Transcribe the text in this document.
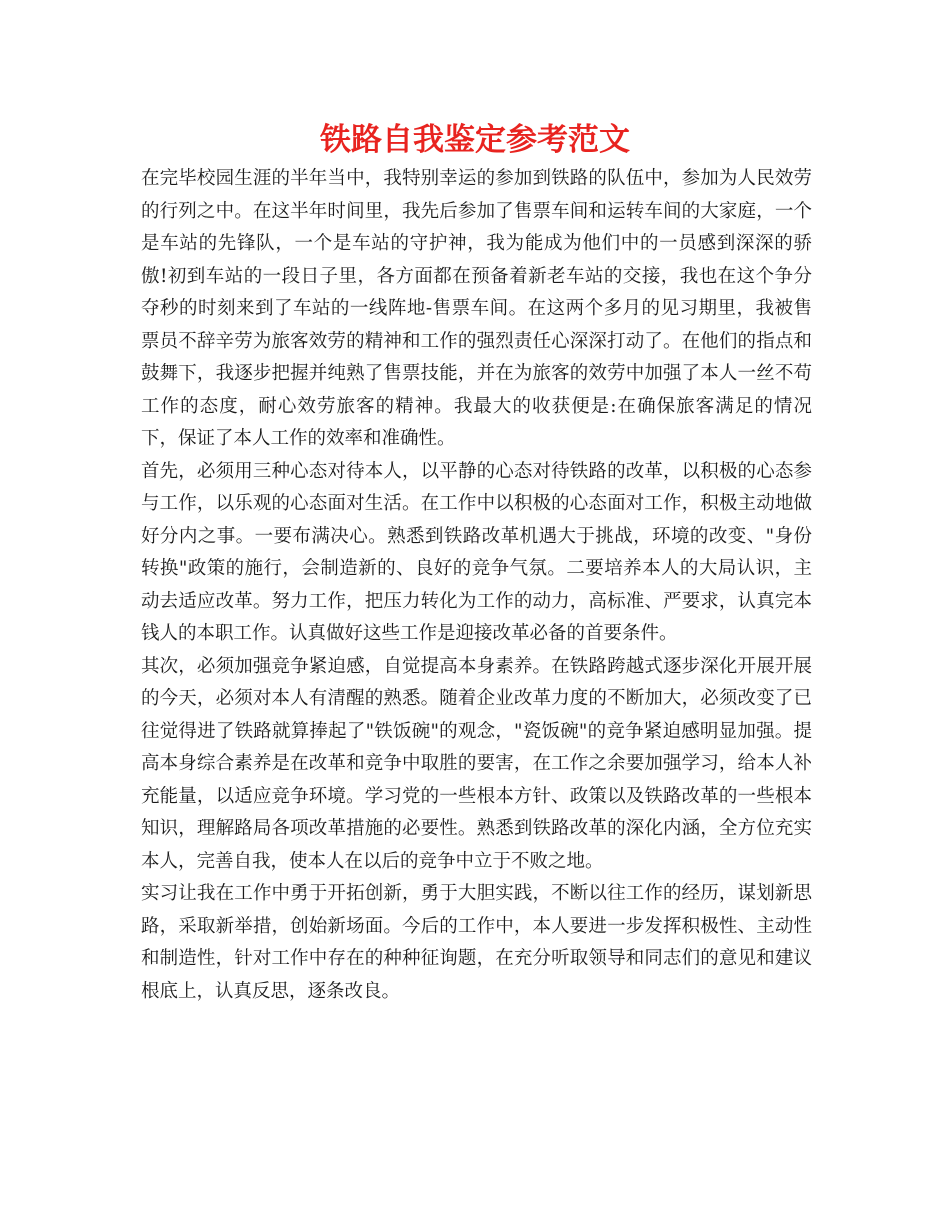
铁路自我鉴定参考范文

在完毕校园生涯的半年当中，我特别幸运的参加到铁路的队伍中，参加为人民效劳的行列之中。在这半年时间里，我先后参加了售票车间和运转车间的大家庭，一个是车站的先锋队，一个是车站的守护神，我为能成为他们中的一员感到深深的骄傲!初到车站的一段日子里，各方面都在预备着新老车站的交接，我也在这个争分夺秒的时刻来到了车站的一线阵地-售票车间。在这两个多月的见习期里，我被售票员不辞辛劳为旅客效劳的精神和工作的强烈责任心深深打动了。在他们的指点和鼓舞下，我逐步把握并纯熟了售票技能，并在为旅客的效劳中加强了本人一丝不苟工作的态度，耐心效劳旅客的精神。我最大的收获便是:在确保旅客满足的情况下，保证了本人工作的效率和准确性。

首先，必须用三种心态对待本人，以平静的心态对待铁路的改革，以积极的心态参与工作，以乐观的心态面对生活。在工作中以积极的心态面对工作，积极主动地做好分内之事。一要布满决心。熟悉到铁路改革机遇大于挑战，环境的改变、"身份转换"政策的施行，会制造新的、良好的竞争气氛。二要培养本人的大局认识，主动去适应改革。努力工作，把压力转化为工作的动力，高标准、严要求，认真完本钱人的本职工作。认真做好这些工作是迎接改革必备的首要条件。

其次，必须加强竞争紧迫感，自觉提高本身素养。在铁路跨越式逐步深化开展开展的今天，必须对本人有清醒的熟悉。随着企业改革力度的不断加大，必须改变了已往觉得进了铁路就算捧起了"铁饭碗"的观念，"瓷饭碗"的竞争紧迫感明显加强。提高本身综合素养是在改革和竞争中取胜的要害，在工作之余要加强学习，给本人补充能量，以适应竞争环境。学习党的一些根本方针、政策以及铁路改革的一些根本知识，理解路局各项改革措施的必要性。熟悉到铁路改革的深化内涵，全方位充实本人，完善自我，使本人在以后的竞争中立于不败之地。

实习让我在工作中勇于开拓创新，勇于大胆实践，不断以往工作的经历，谋划新思路，采取新举措，创始新场面。今后的工作中，本人要进一步发挥积极性、主动性和制造性，针对工作中存在的种种征询题，在充分听取领导和同志们的意见和建议根底上，认真反思，逐条改良。
